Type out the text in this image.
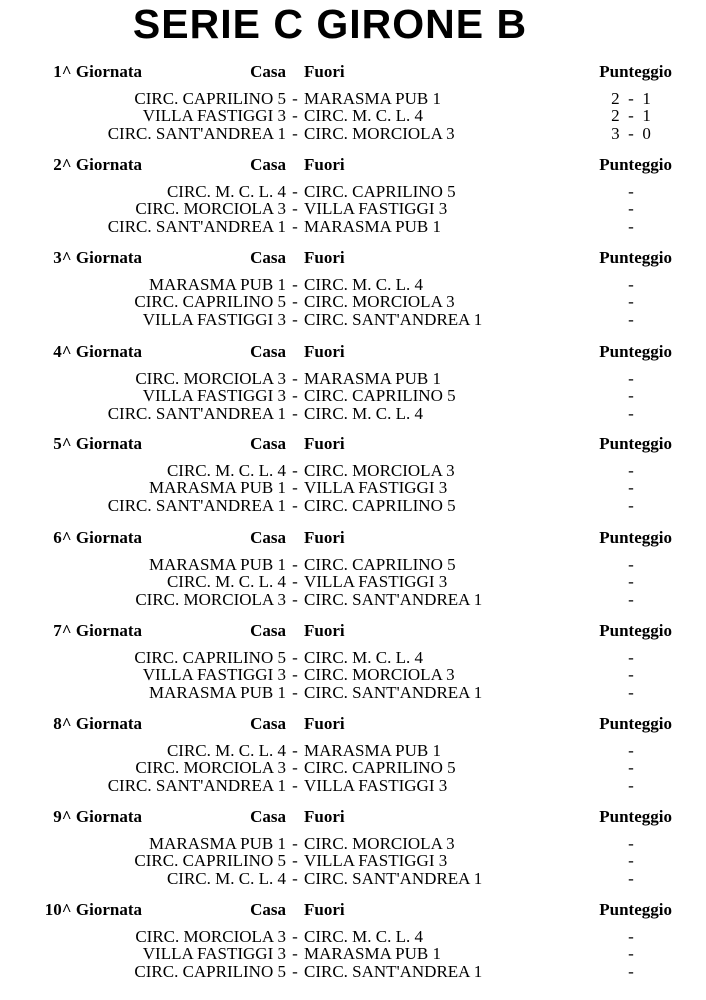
SERIE C GIRONE B
1^ Giornata	Casa Fuori	Punteggio
CIRC. CAPRILINO 5 - MARASMA PUB 1	2  -  1
VILLA FASTIGGI 3 - CIRC. M. C. L. 4	2  -  1
CIRC. SANT'ANDREA 1 - CIRC. MORCIOLA 3	3  -  0
2^ Giornata	Casa Fuori	Punteggio
CIRC. M. C. L. 4 - CIRC. CAPRILINO 5	-
CIRC. MORCIOLA 3 - VILLA FASTIGGI 3	-
CIRC. SANT'ANDREA 1 - MARASMA PUB 1	-
3^ Giornata	Casa Fuori	Punteggio
MARASMA PUB 1 - CIRC. M. C. L. 4	-
CIRC. CAPRILINO 5 - CIRC. MORCIOLA 3	-
VILLA FASTIGGI 3 - CIRC. SANT'ANDREA 1	-
4^ Giornata	Casa Fuori	Punteggio
CIRC. MORCIOLA 3 - MARASMA PUB 1	-
VILLA FASTIGGI 3 - CIRC. CAPRILINO 5	-
CIRC. SANT'ANDREA 1 - CIRC. M. C. L. 4	-
5^ Giornata	Casa Fuori	Punteggio
CIRC. M. C. L. 4 - CIRC. MORCIOLA 3	-
MARASMA PUB 1 - VILLA FASTIGGI 3	-
CIRC. SANT'ANDREA 1 - CIRC. CAPRILINO 5	-
6^ Giornata	Casa Fuori	Punteggio
MARASMA PUB 1 - CIRC. CAPRILINO 5	-
CIRC. M. C. L. 4 - VILLA FASTIGGI 3	-
CIRC. MORCIOLA 3 - CIRC. SANT'ANDREA 1	-
7^ Giornata	Casa Fuori	Punteggio
CIRC. CAPRILINO 5 - CIRC. M. C. L. 4	-
VILLA FASTIGGI 3 - CIRC. MORCIOLA 3	-
MARASMA PUB 1 - CIRC. SANT'ANDREA 1	-
8^ Giornata	Casa Fuori	Punteggio
CIRC. M. C. L. 4 - MARASMA PUB 1	-
CIRC. MORCIOLA 3 - CIRC. CAPRILINO 5	-
CIRC. SANT'ANDREA 1 - VILLA FASTIGGI 3	-
9^ Giornata	Casa Fuori	Punteggio
MARASMA PUB 1 - CIRC. MORCIOLA 3	-
CIRC. CAPRILINO 5 - VILLA FASTIGGI 3	-
CIRC. M. C. L. 4 - CIRC. SANT'ANDREA 1	-
10^ Giornata	Casa Fuori	Punteggio
CIRC. MORCIOLA 3 - CIRC. M. C. L. 4	-
VILLA FASTIGGI 3 - MARASMA PUB 1	-
CIRC. CAPRILINO 5 - CIRC. SANT'ANDREA 1	-
